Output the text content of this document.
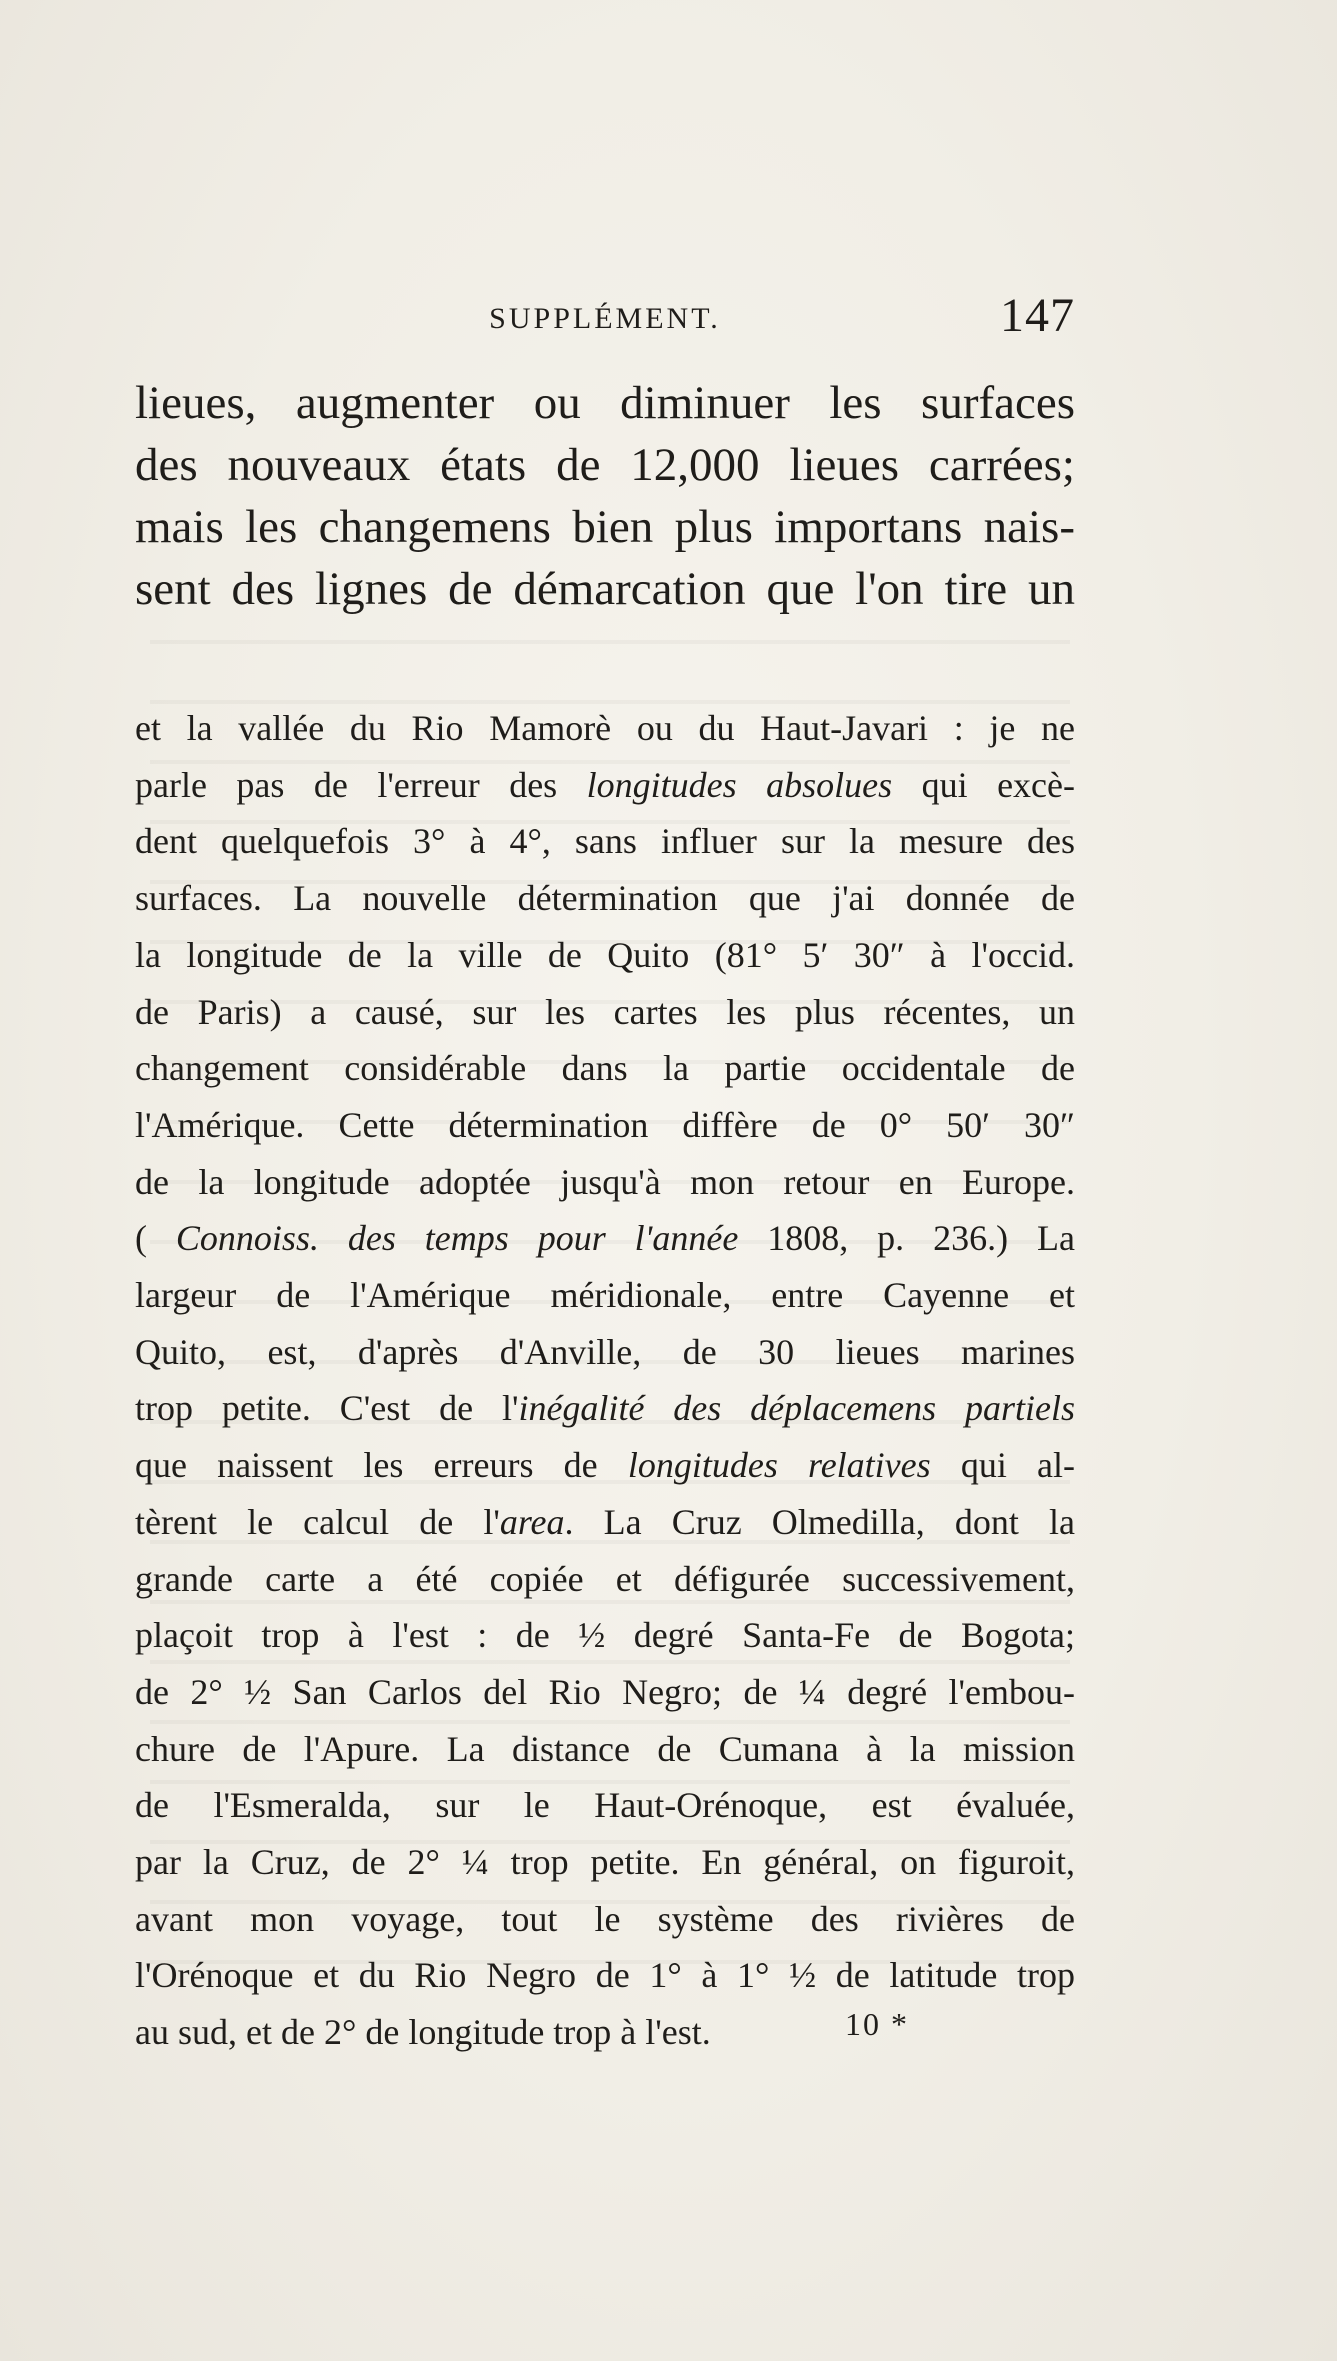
SUPPLÉMENT.	147
lieues, augmenter ou diminuer les surfaces
des nouveaux états de 12,000 lieues carrées;
mais les changemens bien plus importans nais-
sent des lignes de démarcation que l'on tire un
et la vallée du Rio Mamorè ou du Haut-Javari : je ne
parle pas de l'erreur des longitudes absolues qui excè-
dent quelquefois 3° à 4°, sans influer sur la mesure des
surfaces. La nouvelle détermination que j'ai donnée de
la longitude de la ville de Quito (81° 5′ 30″ à l'occid.
de Paris) a causé, sur les cartes les plus récentes, un
changement considérable dans la partie occidentale de
l'Amérique. Cette détermination diffère de 0° 50′ 30″
de la longitude adoptée jusqu'à mon retour en Europe.
( Connoiss. des temps pour l'année 1808, p. 236.) La
largeur de l'Amérique méridionale, entre Cayenne et
Quito, est, d'après d'Anville, de 30 lieues marines
trop petite. C'est de l'inégalité des déplacemens partiels
que naissent les erreurs de longitudes relatives qui al-
tèrent le calcul de l'area. La Cruz Olmedilla, dont la
grande carte a été copiée et défigurée successivement,
plaçoit trop à l'est : de ½ degré Santa-Fe de Bogota;
de 2° ½ San Carlos del Rio Negro; de ¼ degré l'embou-
chure de l'Apure. La distance de Cumana à la mission
de l'Esmeralda, sur le Haut-Orénoque, est évaluée,
par la Cruz, de 2° ¼ trop petite. En général, on figuroit,
avant mon voyage, tout le système des rivières de
l'Orénoque et du Rio Negro de 1° à 1° ½ de latitude trop
au sud, et de 2° de longitude trop à l'est.	10 *
